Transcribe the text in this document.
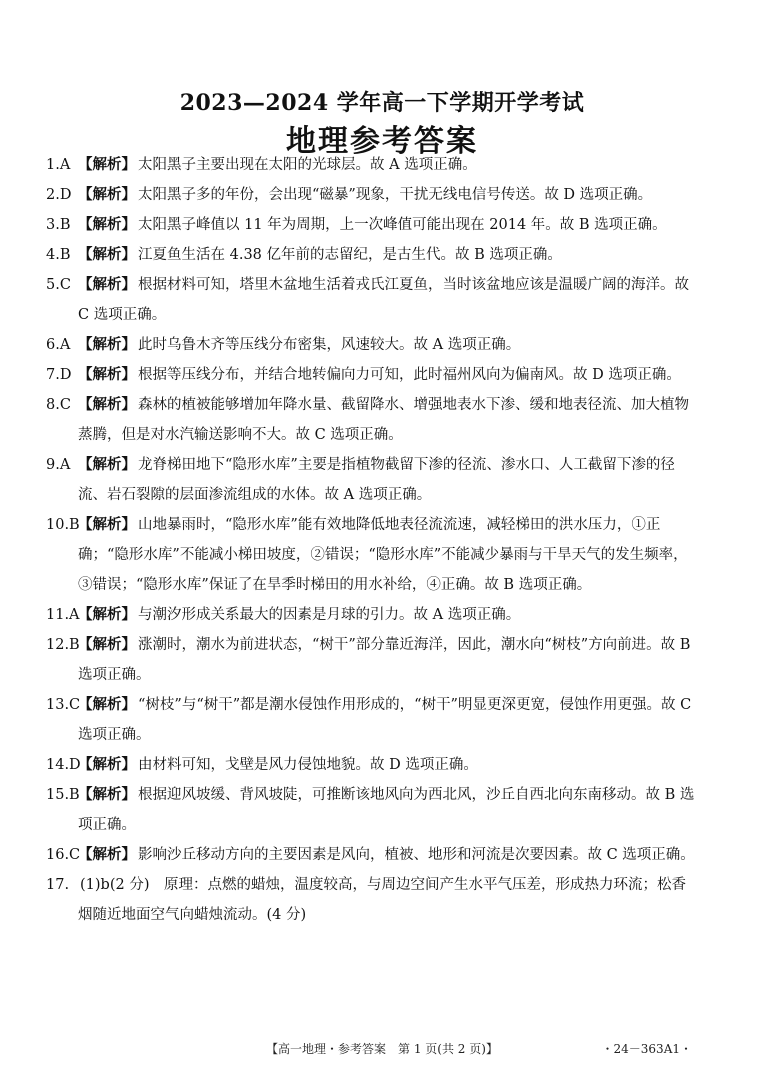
2023—2024 学年高一下学期开学考试
地理参考答案
1.A 【解析】 太阳黑子主要出现在太阳的光球层。故 A 选项正确。
2.D 【解析】 太阳黑子多的年份，会出现“磁暴”现象，干扰无线电信号传送。故 D 选项正确。
3.B 【解析】 太阳黑子峰值以 11 年为周期，上一次峰值可能出现在 2014 年。故 B 选项正确。
4.B 【解析】 江夏鱼生活在 4.38 亿年前的志留纪，是古生代。故 B 选项正确。
5.C 【解析】 根据材料可知，塔里木盆地生活着戎氏江夏鱼，当时该盆地应该是温暖广阔的海洋。故 C 选项正确。
6.A 【解析】 此时乌鲁木齐等压线分布密集，风速较大。故 A 选项正确。
7.D 【解析】 根据等压线分布，并结合地转偏向力可知，此时福州风向为偏南风。故 D 选项正确。
8.C 【解析】 森林的植被能够增加年降水量、截留降水、增强地表水下渗、缓和地表径流、加大植物蒸腾，但是对水汽输送影响不大。故 C 选项正确。
9.A 【解析】 龙脊梯田地下“隐形水库”主要是指植物截留下渗的径流、渗水口、人工截留下渗的径流、岩石裂隙的层面渗流组成的水体。故 A 选项正确。
10.B
【解析】 山地暴雨时，“隐形水库”能有效地降低地表径流流速，减轻梯田的洪水压力，①正确；“隐形水库”不能减小梯田坡度，②错误；“隐形水库”不能减少暴雨与干旱天气的发生频率，③错误；“隐形水库”保证了在旱季时梯田的用水补给，④正确。故 B 选项正确。
11.A
【解析】 与潮汐形成关系最大的因素是月球的引力。故 A 选项正确。
12.B
【解析】 涨潮时，潮水为前进状态，“树干”部分靠近海洋，因此，潮水向“树枝”方向前进。故 B 选项正确。
13.C
【解析】 “树枝”与“树干”都是潮水侵蚀作用形成的，“树干”明显更深更宽，侵蚀作用更强。故 C 选项正确。
14.D
【解析】 由材料可知，戈壁是风力侵蚀地貌。故 D 选项正确。
15.B
【解析】 根据迎风坡缓、背风坡陡，可推断该地风向为西北风，沙丘自西北向东南移动。故 B 选项正确。
16.C
【解析】 影响沙丘移动方向的主要因素是风向，植被、地形和河流是次要因素。故 C 选项正确。
17. (1)b(2 分)　原理：点燃的蜡烛，温度较高，与周边空间产生水平气压差，形成热力环流；松香烟随近地面空气向蜡烛流动。(4 分)
【高一地理・参考答案　第 1 页(共 2 页)】	・24－363A1・
